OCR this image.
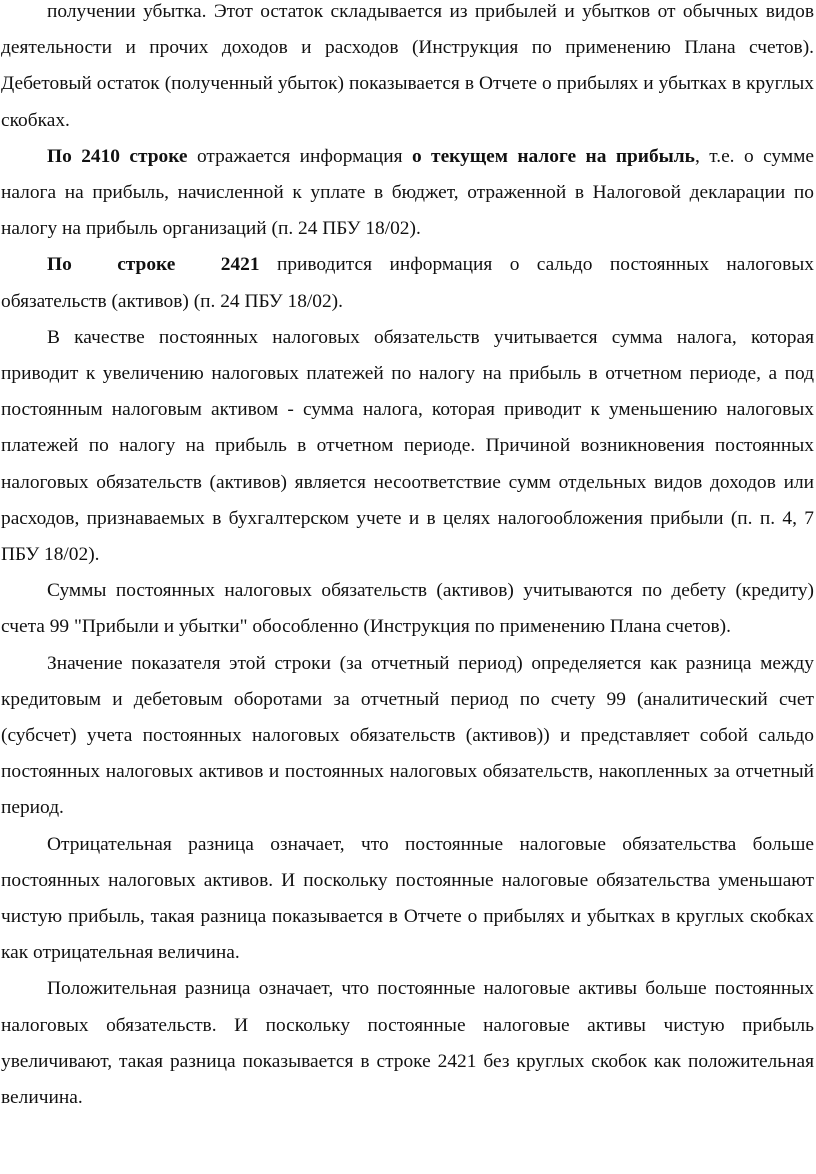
получении убытка. Этот остаток складывается из прибылей и убытков от обычных видов деятельности и прочих доходов и расходов (Инструкция по применению Плана счетов). Дебетовый остаток (полученный убыток) показывается в Отчете о прибылях и убытках в круглых скобках.

По 2410 строке отражается информация о текущем налоге на прибыль, т.е. о сумме налога на прибыль, начисленной к уплате в бюджет, отраженной в Налоговой декларации по налогу на прибыль организаций (п. 24 ПБУ 18/02).

По строке 2421 приводится информация о сальдо постоянных налоговых обязательств (активов) (п. 24 ПБУ 18/02).

В качестве постоянных налоговых обязательств учитывается сумма налога, которая приводит к увеличению налоговых платежей по налогу на прибыль в отчетном периоде, а под постоянным налоговым активом - сумма налога, которая приводит к уменьшению налоговых платежей по налогу на прибыль в отчетном периоде. Причиной возникновения постоянных налоговых обязательств (активов) является несоответствие сумм отдельных видов доходов или расходов, признаваемых в бухгалтерском учете и в целях налогообложения прибыли (п. п. 4, 7 ПБУ 18/02).

Суммы постоянных налоговых обязательств (активов) учитываются по дебету (кредиту) счета 99 "Прибыли и убытки" обособленно (Инструкция по применению Плана счетов).

Значение показателя этой строки (за отчетный период) определяется как разница между кредитовым и дебетовым оборотами за отчетный период по счету 99 (аналитический счет (субсчет) учета постоянных налоговых обязательств (активов)) и представляет собой сальдо постоянных налоговых активов и постоянных налоговых обязательств, накопленных за отчетный период.

Отрицательная разница означает, что постоянные налоговые обязательства больше постоянных налоговых активов. И поскольку постоянные налоговые обязательства уменьшают чистую прибыль, такая разница показывается в Отчете о прибылях и убытках в круглых скобках как отрицательная величина.

Положительная разница означает, что постоянные налоговые активы больше постоянных налоговых обязательств. И поскольку постоянные налоговые активы чистую прибыль увеличивают, такая разница показывается в строке 2421 без круглых скобок как положительная величина.
